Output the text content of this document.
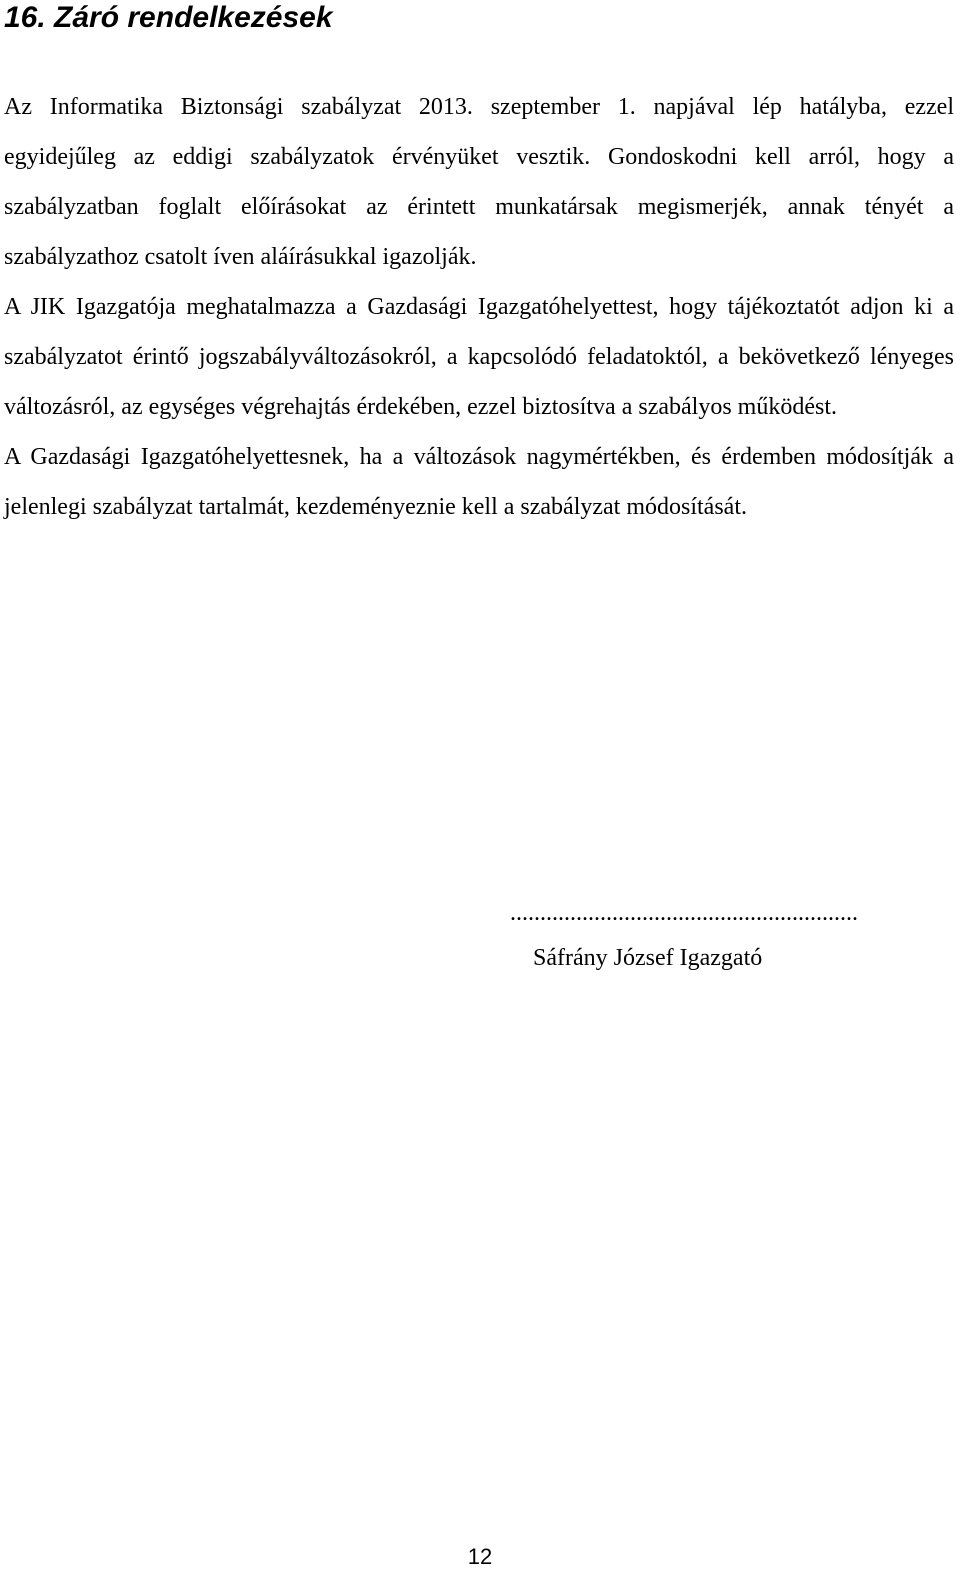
16. Záró rendelkezések

Az Informatika Biztonsági szabályzat 2013. szeptember 1. napjával lép hatályba, ezzel egyidejűleg az eddigi szabályzatok érvényüket vesztik. Gondoskodni kell arról, hogy a szabályzatban foglalt előírásokat az érintett munkatársak megismerjék, annak tényét a szabályzathoz csatolt íven aláírásukkal igazolják.

A JIK Igazgatója meghatalmazza a Gazdasági Igazgatóhelyettest, hogy tájékoztatót adjon ki a szabályzatot érintő jogszabályváltozásokról, a kapcsolódó feladatoktól, a bekövetkező lényeges változásról, az egységes végrehajtás érdekében, ezzel biztosítva a szabályos működést.

A Gazdasági Igazgatóhelyettesnek, ha a változások nagymértékben, és érdemben módosítják a jelenlegi szabályzat tartalmát, kezdeményeznie kell a szabályzat módosítását.

..........................................................
Sáfrány József Igazgató
12
